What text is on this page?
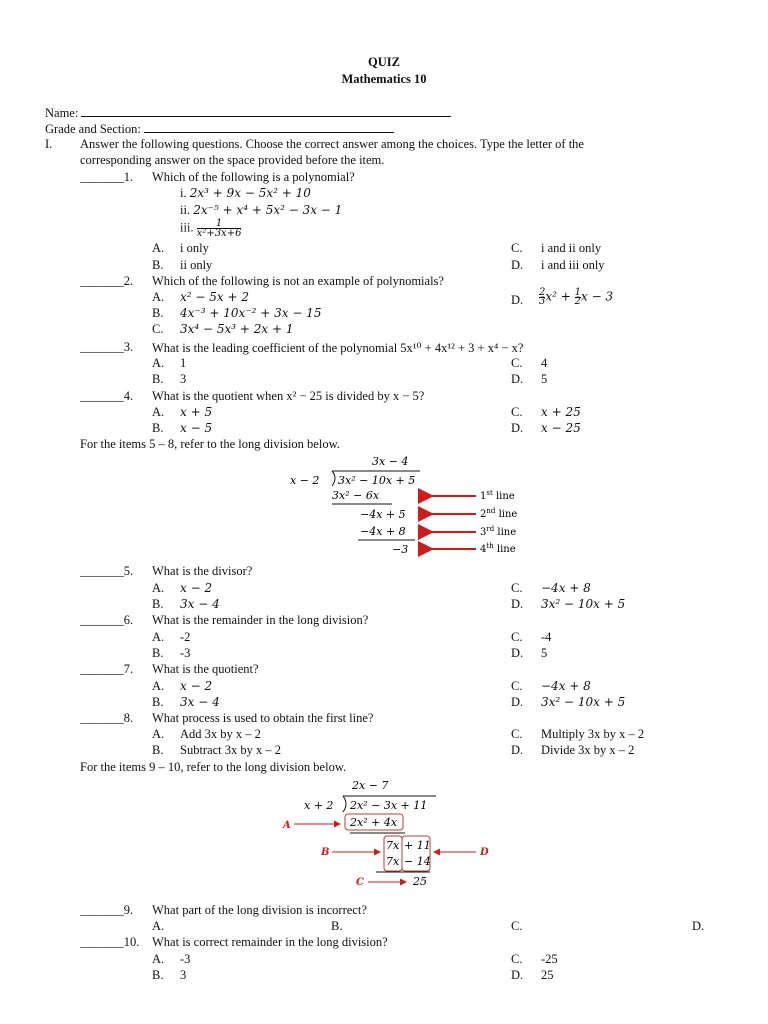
QUIZ
Mathematics 10
Name:
Grade and Section:
I. Answer the following questions. Choose the correct answer among the choices. Type the letter of the
corresponding answer on the space provided before the item.
_______1. Which of the following is a polynomial?
i. 2x³ + 9x − 5x² + 10
ii. 2x⁻⁵ + x⁴ + 5x² − 3x − 1
iii. $\frac{1}{\text{x²+3x+6}}$
A. i only
B. ii only
C. i and ii only
D. i and iii only
_______2. Which of the following is not an example of polynomials?
A. x² − 5x + 2
B. 4x⁻³ + 10x⁻² + 3x − 15
C. 3x⁴ − 5x³ + 2x + 1
D. $\frac{2}{3} x^2 + \frac{1}{2}$ x − 3
_______3. What is the leading coefficient of the polynomial 5x¹⁰ + 4x¹² + 3 + x⁴ − x?
A. 1
B. 3
C. 4
D. 5
_______4. What is the quotient when x² − 25 is divided by x − 5?
A. x + 5
B. x − 5
C. x + 25
D. x − 25
For the items 5 – 8, refer to the long division below.
3x − 4
x − 2 3x² − 10x + 5
3x² − 6x
−4x + 5
−4x + 8
−3
1st line
2nd line
3rd line
4th line
_______5. What is the divisor?
A. x − 2
B. 3x − 4
C. −4x + 8
D. 3x² − 10x + 5
_______6. What is the remainder in the long division?
A. -2
B. -3
C. -4
D. 5
_______7. What is the quotient?
A. x − 2
B. 3x − 4
C. −4x + 8
D. 3x² − 10x + 5
_______8. What process is used to obtain the first line?
A. Add 3x by x – 2
B. Subtract 3x by x – 2
C. Multiply 3x by x – 2
D. Divide 3x by x – 2
For the items 9 – 10, refer to the long division below.
2x − 7
x + 2 2x² − 3x + 11
2x² + 4x
7x + 11
7x − 14
25
A
B	D
C
_______9. What part of the long division is incorrect?
A.	B.	C.	D.
_______10. What is correct remainder in the long division?
A. -3
B. 3
C. -25
D. 25
